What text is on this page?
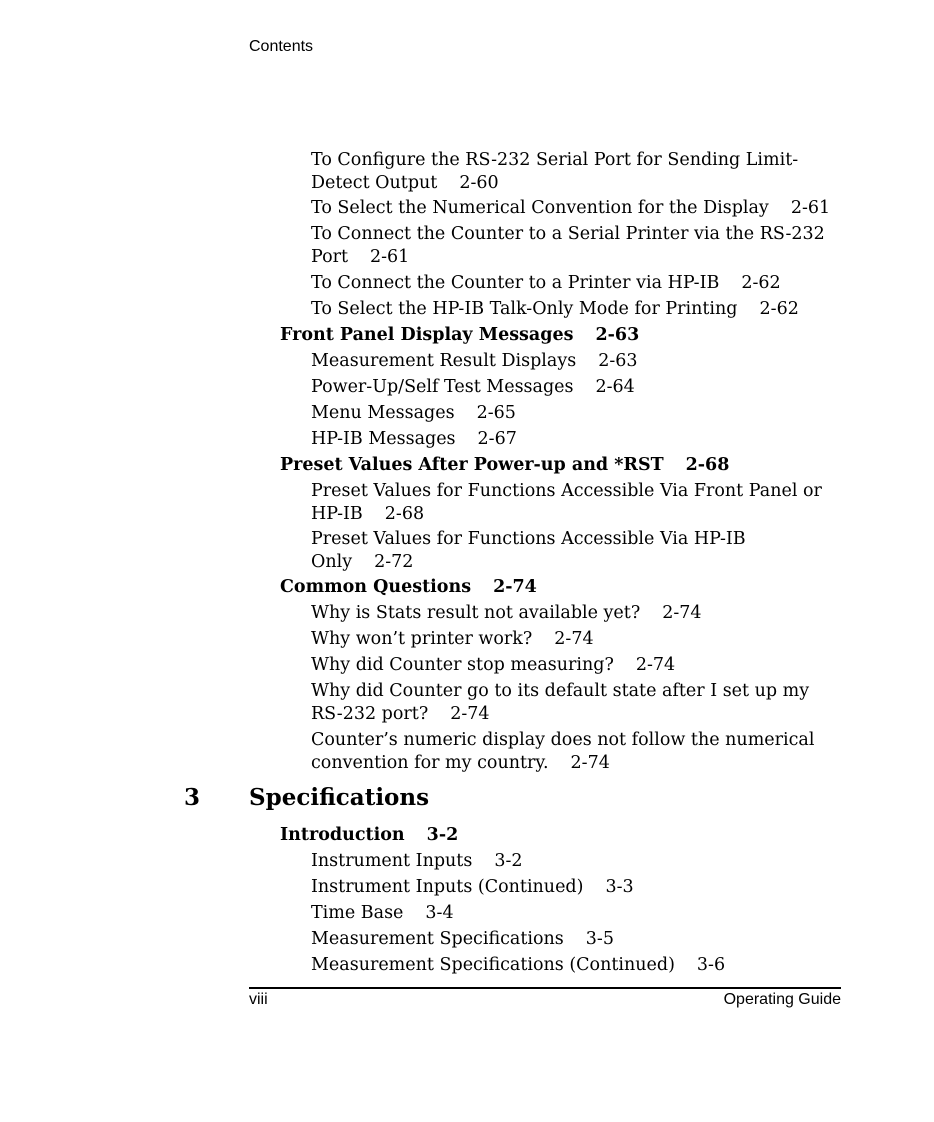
Contents
To Configure the RS-232 Serial Port for Sending Limit-Detect Output 2-60
To Select the Numerical Convention for the Display 2-61
To Connect the Counter to a Serial Printer via the RS-232 Port 2-61
To Connect the Counter to a Printer via HP-IB 2-62
To Select the HP-IB Talk-Only Mode for Printing 2-62
Front Panel Display Messages 2-63
Measurement Result Displays 2-63
Power-Up/Self Test Messages 2-64
Menu Messages 2-65
HP-IB Messages 2-67
Preset Values After Power-up and *RST 2-68
Preset Values for Functions Accessible Via Front Panel or HP-IB 2-68
Preset Values for Functions Accessible Via HP-IB Only 2-72
Common Questions 2-74
Why is Stats result not available yet? 2-74
Why won’t printer work? 2-74
Why did Counter stop measuring? 2-74
Why did Counter go to its default state after I set up my RS-232 port? 2-74
Counter’s numeric display does not follow the numerical convention for my country. 2-74
3 Specifications
Introduction 3-2
Instrument Inputs 3-2
Instrument Inputs (Continued) 3-3
Time Base 3-4
Measurement Specifications 3-5
Measurement Specifications (Continued) 3-6
viii	Operating Guide
